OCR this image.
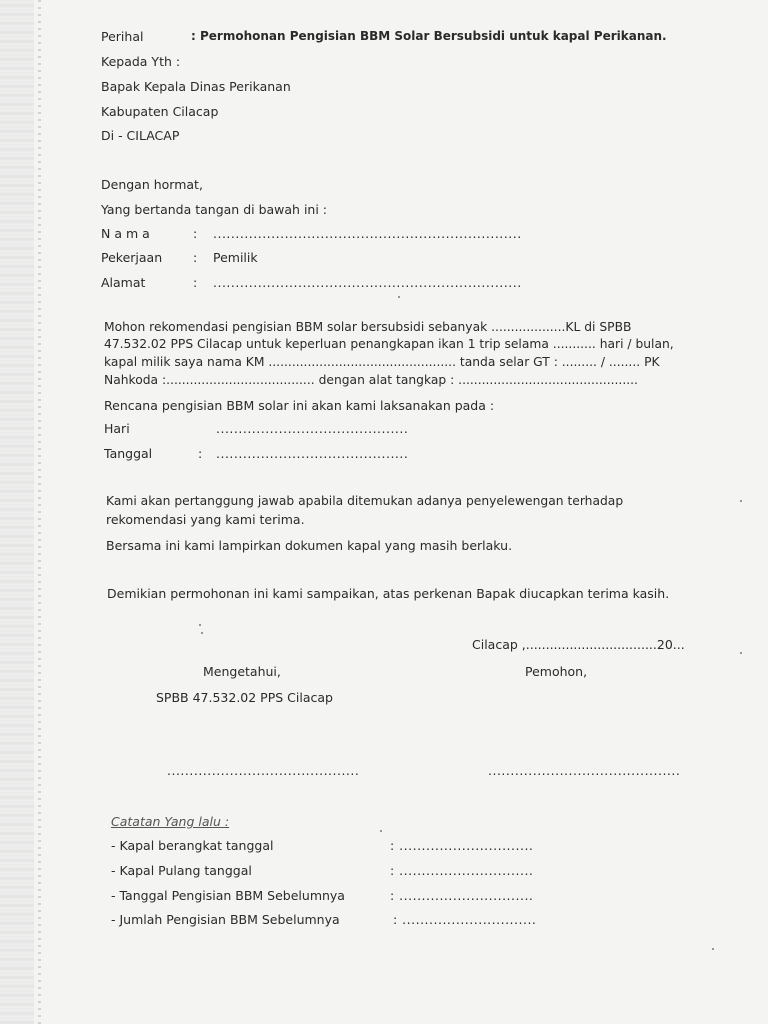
Perihal	: Permohonan Pengisian BBM Solar Bersubsidi untuk kapal Perikanan.
Kepada Yth :
Bapak Kepala Dinas Perikanan
Kabupaten Cilacap
Di - CILACAP
Dengan hormat,
Yang bertanda tangan di bawah ini :
N a m a	: .....................................................................
Pekerjaan : Pemilik
Alamat	: .....................................................................
Mohon rekomendasi pengisian BBM solar bersubsidi sebanyak ...................KL di SPBB
47.532.02 PPS Cilacap untuk keperluan penangkapan ikan 1 trip selama ........... hari / bulan,
kapal milik saya nama KM ................................................ tanda selar GT : ......... / ........ PK
Nahkoda :...................................... dengan alat tangkap : ..............................................
Rencana pengisian BBM solar ini akan kami laksanakan pada :
Hari	...........................................
Tanggal	: ...........................................
Kami akan pertanggung jawab apabila ditemukan adanya penyelewengan terhadap
rekomendasi yang kami terima.
Bersama ini kami lampirkan dokumen kapal yang masih berlaku.
Demikian permohonan ini kami sampaikan, atas perkenan Bapak diucapkan terima kasih.
Cilacap ,.................................20...
Mengetahui,	Pemohon,
SPBB 47.532.02 PPS Cilacap
...........................................	...........................................
Catatan Yang lalu :
- Kapal berangkat tanggal	: ..............................
- Kapal Pulang tanggal	: ..............................
- Tanggal Pengisian BBM Sebelumnya	: ..............................
- Jumlah Pengisian BBM Sebelumnya	: ..............................
